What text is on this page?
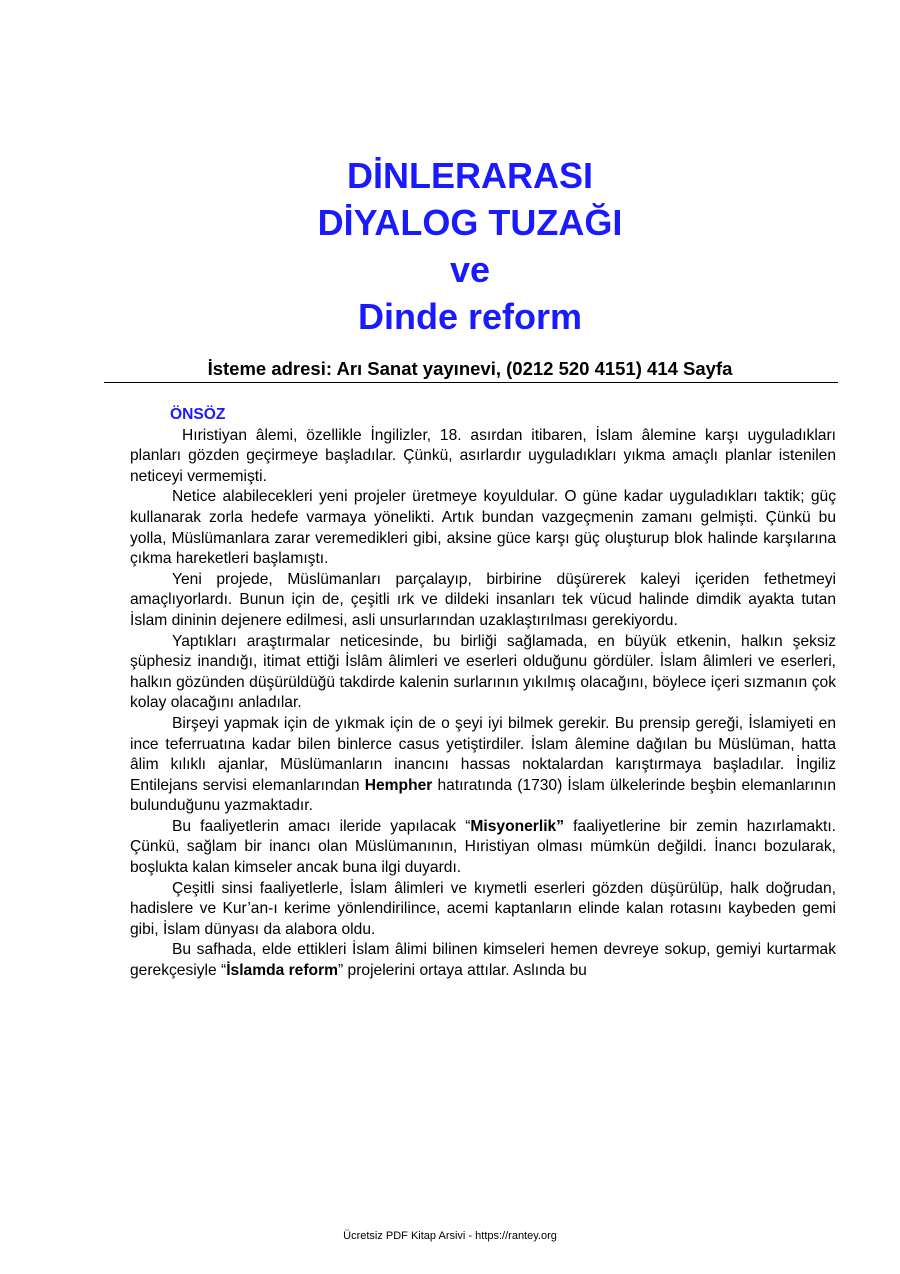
DİNLERARASI
DİYALOG TUZAĞI
ve
Dinde reform
İsteme adresi: Arı Sanat yayınevi, (0212 520 4151) 414 Sayfa
ÖNSÖZ

Hıristiyan âlemi, özellikle İngilizler, 18. asırdan itibaren, İslam âlemine karşı uyguladıkları planları gözden geçirmeye başladılar. Çünkü, asırlardır uyguladıkları yıkma amaçlı planlar istenilen neticeyi vermemişti.

Netice alabilecekleri yeni projeler üretmeye koyuldular. O güne kadar uyguladıkları taktik; güç kullanarak zorla hedefe varmaya yönelikti. Artık bundan vazgeçmenin zamanı gelmişti. Çünkü bu yolla, Müslümanlara zarar veremedikleri gibi, aksine güce karşı güç oluşturup blok halinde karşılarına çıkma hareketleri başlamıştı.

Yeni projede, Müslümanları parçalayıp, birbirine düşürerek kaleyi içeriden fethetmeyi amaçlıyorlardı. Bunun için de, çeşitli ırk ve dildeki insanları tek vücud halinde dimdik ayakta tutan İslam dininin dejenere edilmesi, asli unsurlarından uzaklaştırılması gerekiyordu.

Yaptıkları araştırmalar neticesinde, bu birliği sağlamada, en büyük etkenin, halkın şeksiz şüphesiz inandığı, itimat ettiği İslâm âlimleri ve eserleri olduğunu gördüler. İslam âlimleri ve eserleri, halkın gözünden düşürüldüğü takdirde kalenin surlarının yıkılmış olacağını, böylece içeri sızmanın çok kolay olacağını anladılar.

Birşeyi yapmak için de yıkmak için de o şeyi iyi bilmek gerekir. Bu prensip gereği, İslamiyeti en ince teferruatına kadar bilen binlerce casus yetiştirdiler. İslam âlemine dağılan bu Müslüman, hatta âlim kılıklı ajanlar, Müslümanların inancını hassas noktalardan karıştırmaya başladılar. İngiliz Entilejans servisi elemanlarından Hempher hatıratında (1730) İslam ülkelerinde beşbin elemanlarının bulunduğunu yazmaktadır.

Bu faaliyetlerin amacı ileride yapılacak “Misyonerlik” faaliyetlerine bir zemin hazırlamaktı. Çünkü, sağlam bir inancı olan Müslümanının, Hıristiyan olması mümkün değildi. İnancı bozularak, boşlukta kalan kimseler ancak buna ilgi duyardı.

Çeşitli sinsi faaliyetlerle, İslam âlimleri ve kıymetli eserleri gözden düşürülüp, halk doğrudan, hadislere ve Kur’an-ı kerime yönlendirilince, acemi kaptanların elinde kalan rotasını kaybeden gemi gibi, İslam dünyası da alabora oldu.

Bu safhada, elde ettikleri İslam âlimi bilinen kimseleri hemen devreye sokup, gemiyi kurtarmak gerekçesiyle “İslamda reform” projelerini ortaya attılar. Aslında bu

Ücretsiz PDF Kitap Arsivi - https://rantey.org
